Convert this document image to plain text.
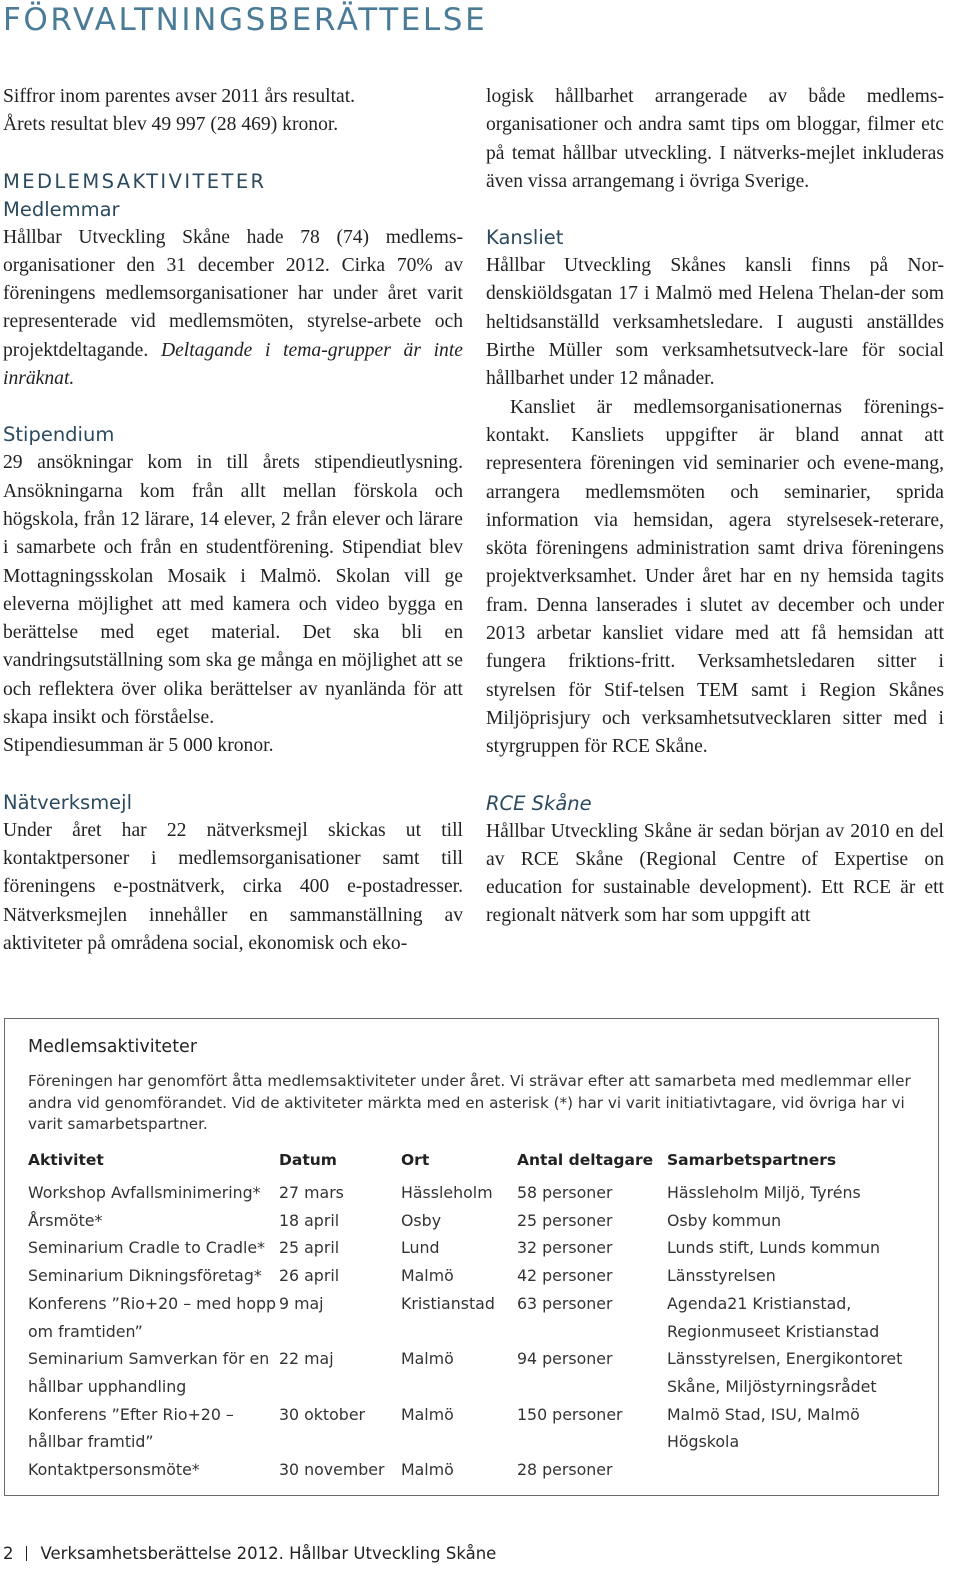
FÖRVALTNINGSBERÄTTELSE

Siffror inom parentes avser 2011 års resultat.

Årets resultat blev 49 997 (28 469) kronor.

MEDLEMSAKTIVITETER
Medlemmar

Hållbar Utveckling Skåne hade 78 (74) medlems-organisationer den 31 december 2012. Cirka 70% av föreningens medlemsorganisationer har under året varit representerade vid medlemsmöten, styrelse-arbete och projektdeltagande. Deltagande i tema-grupper är inte inräknat.

Stipendium

29 ansökningar kom in till årets stipendieutlysning. Ansökningarna kom från allt mellan förskola och högskola, från 12 lärare, 14 elever, 2 från elever och lärare i samarbete och från en studentförening. Stipendiat blev Mottagningsskolan Mosaik i Malmö. Skolan vill ge eleverna möjlighet att med kamera och video bygga en berättelse med eget material. Det ska bli en vandringsutställning som ska ge många en möjlighet att se och reflektera över olika berättelser av nyanlända för att skapa insikt och förståelse.

Stipendiesumman är 5 000 kronor.

Nätverksmejl

Under året har 22 nätverksmejl skickas ut till kontaktpersoner i medlemsorganisationer samt till föreningens e-postnätverk, cirka 400 e-postadresser. Nätverksmejlen innehåller en sammanställning av aktiviteter på områdena social, ekonomisk och eko-

logisk hållbarhet arrangerade av både medlems-organisationer och andra samt tips om bloggar, filmer etc på temat hållbar utveckling. I nätverks-mejlet inkluderas även vissa arrangemang i övriga Sverige.

Kansliet

Hållbar Utveckling Skånes kansli finns på Nor-denskiöldsgatan 17 i Malmö med Helena Thelan-der som heltidsanställd verksamhetsledare. I augusti anställdes Birthe Müller som verksamhetsutveck-lare för social hållbarhet under 12 månader.

Kansliet är medlemsorganisationernas förenings-kontakt. Kansliets uppgifter är bland annat att representera föreningen vid seminarier och evene-mang, arrangera medlemsmöten och seminarier, sprida information via hemsidan, agera styrelsesek-reterare, sköta föreningens administration samt driva föreningens projektverksamhet. Under året har en ny hemsida tagits fram. Denna lanserades i slutet av december och under 2013 arbetar kansliet vidare med att få hemsidan att fungera friktions-fritt. Verksamhetsledaren sitter i styrelsen för Stif-telsen TEM samt i Region Skånes Miljöprisjury och verksamhetsutvecklaren sitter med i styrgruppen för RCE Skåne.

RCE Skåne

Hållbar Utveckling Skåne är sedan början av 2010 en del av RCE Skåne (Regional Centre of Expertise on education for sustainable development). Ett RCE är ett regionalt nätverk som har som uppgift att

Medlemsaktiviteter
Föreningen har genomfört åtta medlemsaktiviteter under året. Vi strävar efter att samarbeta med medlemmar eller andra vid genomförandet. Vid de aktiviteter märkta med en asterisk (*) har vi varit initiativtagare, vid övriga har vi varit samarbetspartner.
Aktivitet	Datum	Ort	Antal deltagare	Samarbetspartners
Workshop Avfallsminimering*	27 mars	Hässleholm	58 personer	Hässleholm Miljö, Tyréns
Årsmöte*	18 april	Osby	25 personer	Osby kommun
Seminarium Cradle to Cradle*	25 april	Lund	32 personer	Lunds stift, Lunds kommun
Seminarium Dikningsföretag*	26 april	Malmö	42 personer	Länsstyrelsen
Konferens ”Rio+20 – med hopp om framtiden”	9 maj	Kristianstad	63 personer	Agenda21 Kristianstad, Regionmuseet Kristianstad
Seminarium Samverkan för en hållbar upphandling	22 maj	Malmö	94 personer	Länsstyrelsen, Energikontoret Skåne, Miljöstyrningsrådet
Konferens ”Efter Rio+20 – hållbar framtid”	30 oktober	Malmö	150 personer	Malmö Stad, ISU, Malmö Högskola
Kontaktpersonsmöte*	30 november	Malmö	28 personer	
2 Verksamhetsberättelse 2012. Hållbar Utveckling Skåne
